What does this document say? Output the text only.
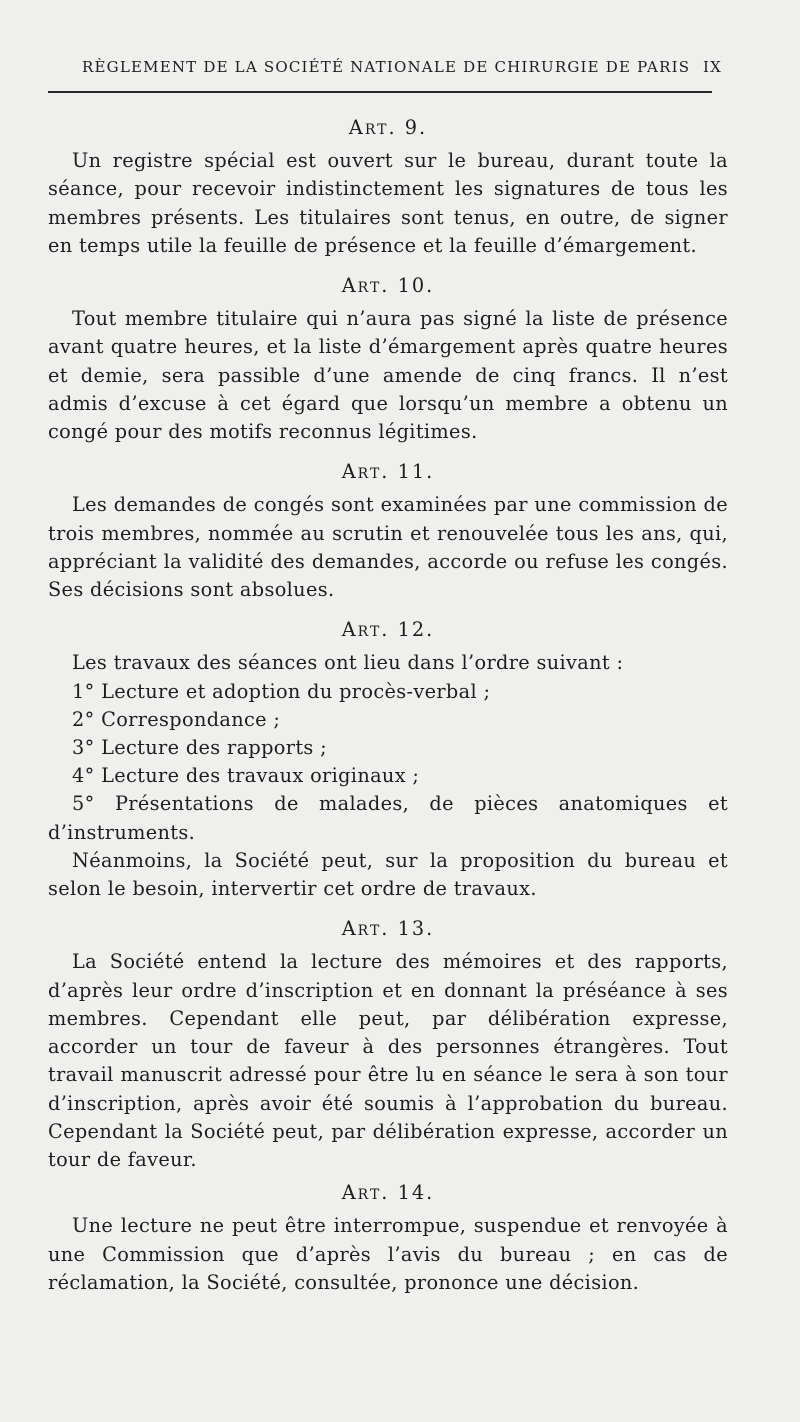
RÈGLEMENT DE LA SOCIÉTÉ NATIONALE DE CHIRURGIE DE PARIS IX
Art. 9.

Un registre spécial est ouvert sur le bureau, durant toute la séance, pour recevoir indistinctement les signatures de tous les membres présents. Les titulaires sont tenus, en outre, de signer en temps utile la feuille de présence et la feuille d’émargement.

Art. 10.

Tout membre titulaire qui n’aura pas signé la liste de présence avant quatre heures, et la liste d’émargement après quatre heures et demie, sera passible d’une amende de cinq francs. Il n’est admis d’excuse à cet égard que lorsqu’un membre a obtenu un congé pour des motifs reconnus légitimes.

Art. 11.

Les demandes de congés sont examinées par une commission de trois membres, nommée au scrutin et renouvelée tous les ans, qui, appréciant la validité des demandes, accorde ou refuse les congés. Ses décisions sont absolues.

Art. 12.

Les travaux des séances ont lieu dans l’ordre suivant :

1° Lecture et adoption du procès-verbal ;

2° Correspondance ;

3° Lecture des rapports ;

4° Lecture des travaux originaux ;

5° Présentations de malades, de pièces anatomiques et d’instruments.

Néanmoins, la Société peut, sur la proposition du bureau et selon le besoin, intervertir cet ordre de travaux.

Art. 13.

La Société entend la lecture des mémoires et des rapports, d’après leur ordre d’inscription et en donnant la préséance à ses membres. Cependant elle peut, par délibération expresse, accorder un tour de faveur à des personnes étrangères. Tout travail manuscrit adressé pour être lu en séance le sera à son tour d’inscription, après avoir été soumis à l’approbation du bureau. Cependant la Société peut, par délibération expresse, accorder un tour de faveur.

Art. 14.

Une lecture ne peut être interrompue, suspendue et renvoyée à une Commission que d’après l’avis du bureau ; en cas de réclamation, la Société, consultée, prononce une décision.
